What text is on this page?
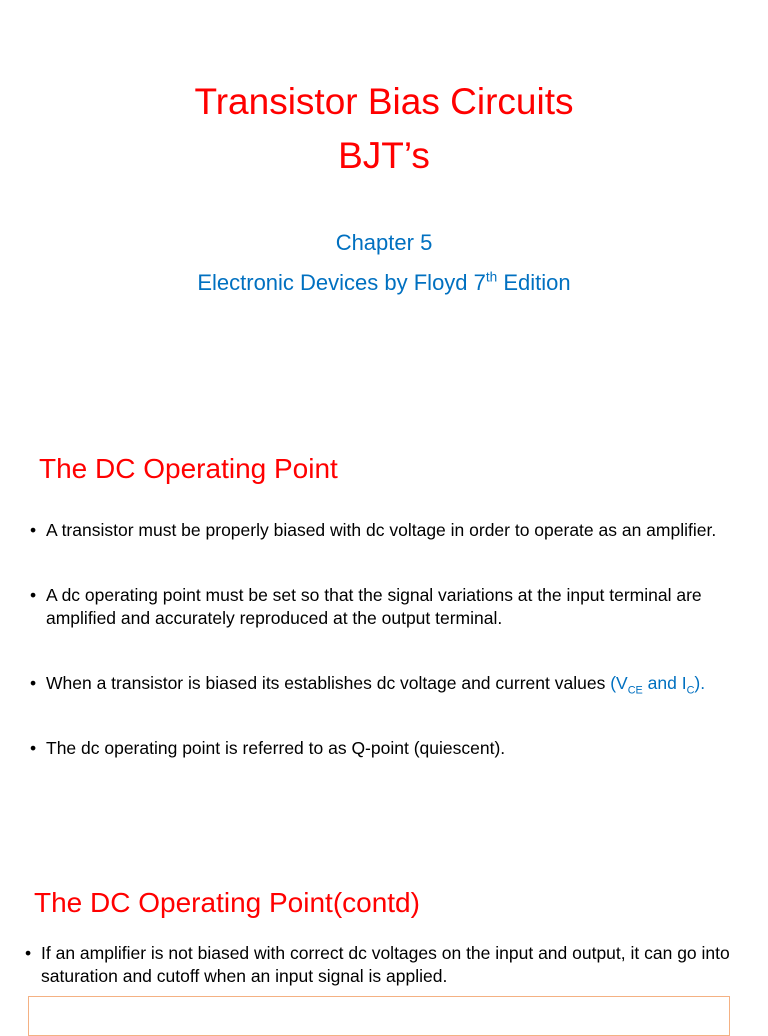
Transistor Bias Circuits
BJT’s
Chapter 5
Electronic Devices by Floyd 7th Edition
The DC Operating Point
• A transistor must be properly biased with dc voltage in order to operate as an amplifier.
• A dc operating point must be set so that the signal variations at the input terminal are amplified and accurately reproduced at the output terminal.
• When a transistor is biased its establishes dc voltage and current values ($V_{CE}$ and $I_C$).
• The dc operating point is referred to as Q-point (quiescent).
The DC Operating Point(contd)
• If an amplifier is not biased with correct dc voltages on the input and output, it can go into saturation and cutoff when an input signal is applied.
